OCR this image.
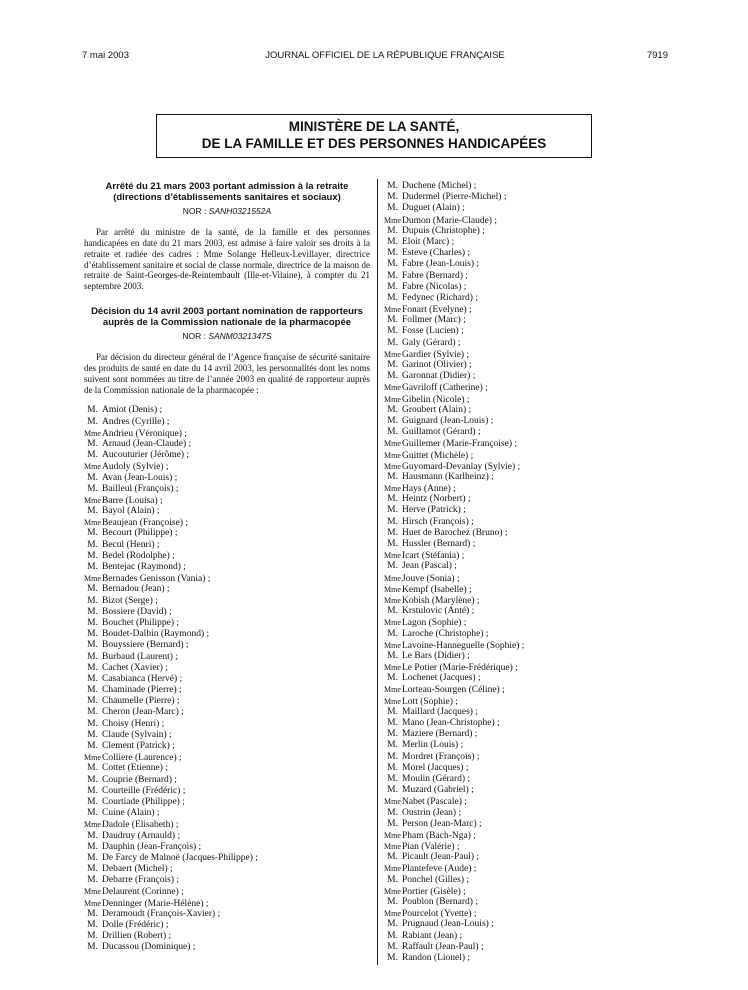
7 mai 2003	JOURNAL OFFICIEL DE LA RÉPUBLIQUE FRANÇAISE	7919
MINISTÈRE DE LA SANTÉ,
DE LA FAMILLE ET DES PERSONNES HANDICAPÉES

Arrêté du 21 mars 2003 portant admission à la retraite (directions d’établissements sanitaires et sociaux)

NOR : SANH0321552A

Par arrêté du ministre de la santé, de la famille et des personnes handicapées en date du 21 mars 2003, est admise à faire valoir ses droits à la retraite et radiée des cadres : Mme Solange Helleux-Levillayer, directrice d’établissement sanitaire et social de classe normale, directrice de la maison de retraite de Saint-Georges-de-Reintembault (Ille-et-Vilaine), à compter du 21 septembre 2003.

Décision du 14 avril 2003 portant nomination de rapporteurs auprès de la Commission nationale de la pharmacopée

NOR : SANM0321347S

Par décision du directeur général de l’Agence française de sécurité sanitaire des produits de santé en date du 14 avril 2003, les personnalités dont les noms suivent sont nommées au titre de l’année 2003 en qualité de rapporteur auprès de la Commission nationale de la pharmacopée :

M. Amiot (Denis) ;
M. Andres (Cyrille) ;
MmeAndrieu (Véronique) ;
M. Arnaud (Jean-Claude) ;
M. Aucouturier (Jérôme) ;
MmeAudoly (Sylvie) ;
M. Avan (Jean-Louis) ;
M. Bailleul (François) ;
MmeBarre (Louisa) ;
M. Bayol (Alain) ;
MmeBeaujean (Françoise) ;
M. Becourt (Philippe) ;
M. Becul (Henri) ;
M. Bedel (Rodolphe) ;
M. Bentejac (Raymond) ;
MmeBernades Genisson (Vania) ;
M. Bernadou (Jean) ;
M. Bizot (Serge) ;
M. Bossiere (David) ;
M. Bouchet (Philippe) ;
M. Boudet-Dalbin (Raymond) ;
M. Bouyssiere (Bernard) ;
M. Burbaud (Laurent) ;
M. Cachet (Xavier) ;
M. Casabianca (Hervé) ;
M. Chaminade (Pierre) ;
M. Chaumelle (Pierre) ;
M. Cheron (Jean-Marc) ;
M. Choisy (Henri) ;
M. Claude (Sylvain) ;
M. Clement (Patrick) ;
MmeColliere (Laurence) ;
M. Cottet (Etienne) ;
M. Couprie (Bernard) ;
M. Courteille (Frédéric) ;
M. Courtiade (Philippe) ;
M. Cuine (Alain) ;
MmeDadole (Elisabeth) ;
M. Daudruy (Arnauld) ;
M. Dauphin (Jean-François) ;
M. De Farcy de Malnoë (Jacques-Philippe) ;
M. Debaert (Michel) ;
M. Debarre (François) ;
MmeDelaurent (Corinne) ;
MmeDenninger (Marie-Hélène) ;
M. Deramoudt (François-Xavier) ;
M. Dolle (Frédéric) ;
M. Drillien (Robert) ;
M. Ducassou (Dominique) ;
M. Duchene (Michel) ;
M. Dudermel (Pierre-Michel) ;
M. Duguet (Alain) ;
MmeDumon (Marie-Claude) ;
M. Dupuis (Christophe) ;
M. Eloit (Marc) ;
M. Esteve (Charles) ;
M. Fabre (Jean-Louis) ;
M. Fabre (Bernard) ;
M. Fabre (Nicolas) ;
M. Fedynec (Richard) ;
MmeFonart (Evelyne) ;
M. Follmer (Marc) ;
M. Fosse (Lucien) ;
M. Galy (Gérard) ;
MmeGardier (Sylvie) ;
M. Garinot (Olivier) ;
M. Garonnat (Didier) ;
MmeGavriloff (Catherine) ;
MmeGibelin (Nicole) ;
M. Groubert (Alain) ;
M. Guignard (Jean-Louis) ;
M. Guillamot (Gérard) ;
MmeGuillemer (Marie-Françoise) ;
MmeGuittet (Michèle) ;
MmeGuyomard-Devanlay (Sylvie) ;
M. Hausmann (Karlheinz) ;
MmeHays (Anne) ;
M. Heintz (Norbert) ;
M. Herve (Patrick) ;
M. Hirsch (François) ;
M. Huet de Barochez (Bruno) ;
M. Hussler (Bernard) ;
MmeIcart (Stéfania) ;
M. Jean (Pascal) ;
MmeJouve (Sonia) ;
MmeKempf (Isabelle) ;
MmeKobish (Marylène) ;
M. Krstulovic (Anté) ;
MmeLagon (Sophie) ;
M. Laroche (Christophe) ;
MmeLavoine-Hanneguelle (Sophie) ;
M. Le Bars (Didier) ;
MmeLe Potier (Marie-Frédérique) ;
M. Lochenet (Jacques) ;
MmeLorteau-Sourgen (Céline) ;
MmeLott (Sophie) ;
M. Maillard (Jacques) ;
M. Mano (Jean-Christophe) ;
M. Maziere (Bernard) ;
M. Merlin (Louis) ;
M. Mordret (François) ;
M. Morel (Jacques) ;
M. Moulin (Gérard) ;
M. Muzard (Gabriel) ;
MmeNabet (Pascale) ;
M. Oustrin (Jean) ;
M. Person (Jean-Marc) ;
MmePham (Bach-Nga) ;
MmePian (Valérie) ;
M. Picault (Jean-Paul) ;
MmePlantefeve (Aude) ;
M. Ponchel (Gilles) ;
MmePortier (Gisèle) ;
M. Poublon (Bernard) ;
MmePourcelot (Yvette) ;
M. Prugnaud (Jean-Louis) ;
M. Rabiant (Jean) ;
M. Raffault (Jean-Paul) ;
M. Randon (Lionel) ;
